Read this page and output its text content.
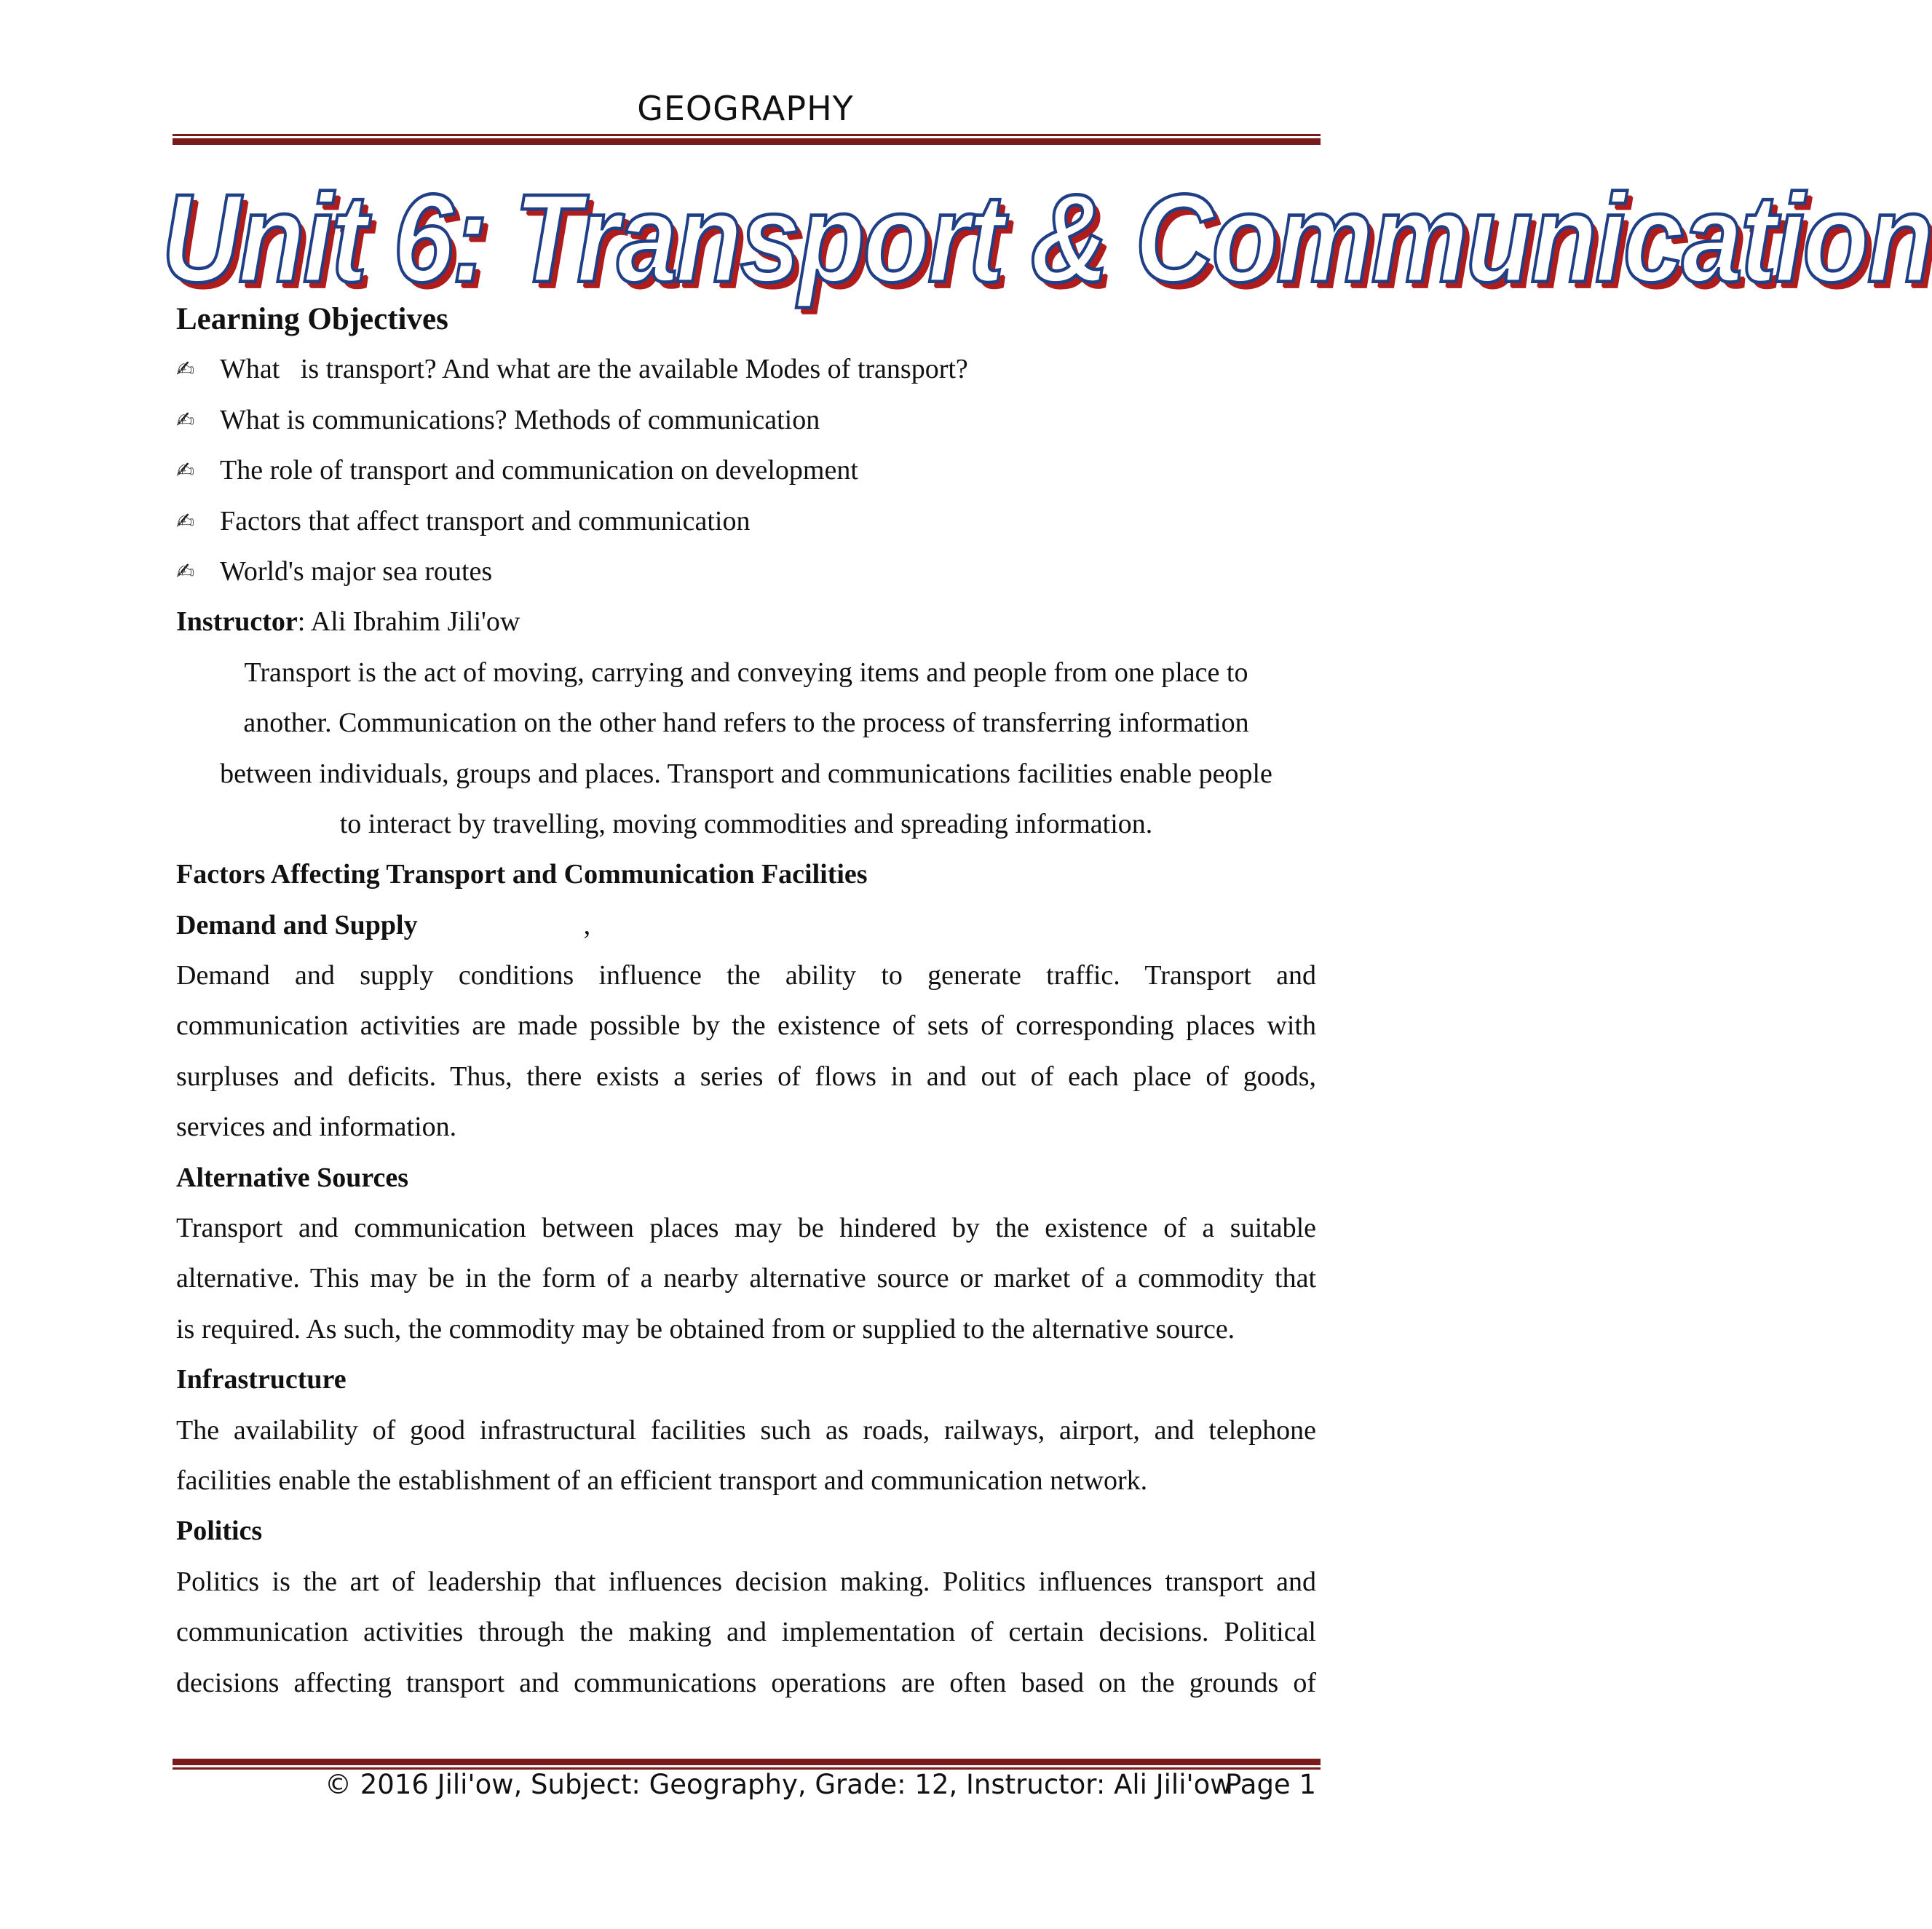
GEOGRAPHY
Unit 6: Transport & Communication
Learning Objectives
✍ What   is transport? And what are the available Modes of transport?
✍ What is communications? Methods of communication
✍ The role of transport and communication on development
✍ Factors that affect transport and communication
✍ World's major sea routes
Instructor: Ali Ibrahim Jili'ow
Transport is the act of moving, carrying and conveying items and people from one place to
another. Communication on the other hand refers to the process of transferring information
between individuals, groups and places. Transport and communications facilities enable people
to interact by travelling, moving commodities and spreading information.
Factors Affecting Transport and Communication Facilities
Demand and Supply	,
Demand and supply conditions influence the ability to generate traffic. Transport and
communication activities are made possible by the existence of sets of corresponding places with
surpluses and deficits. Thus, there exists a series of flows in and out of each place of goods,
services and information.
Alternative Sources
Transport and communication between places may be hindered by the existence of a suitable
alternative. This may be in the form of a nearby alternative source or market of a commodity that
is required. As such, the commodity may be obtained from or supplied to the alternative source.
Infrastructure
The availability of good infrastructural facilities such as roads, railways, airport, and telephone
facilities enable the establishment of an efficient transport and communication network.
Politics
Politics is the art of leadership that influences decision making. Politics influences transport and
communication activities through the making and implementation of certain decisions. Political
decisions affecting transport and communications operations are often based on the grounds of
© 2016 Jili'ow, Subject: Geography, Grade: 12, Instructor: Ali Jili'ow
Page 1
